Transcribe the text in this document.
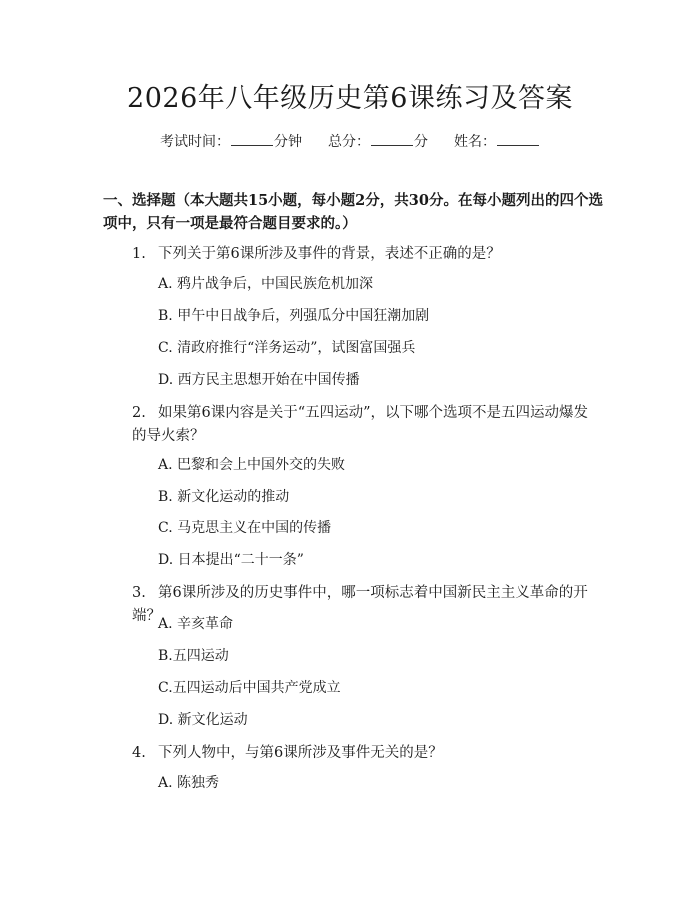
2026年八年级历史第6课练习及答案
考试时间：	分钟 总分：	分 姓名：
一、选择题（本大题共15小题，每小题2分，共30分。在每小题列出的四个选项中，只有一项是最符合题目要求的。）
1. 下列关于第6课所涉及事件的背景，表述不正确的是？
A. 鸦片战争后，中国民族危机加深
B. 甲午中日战争后，列强瓜分中国狂潮加剧
C. 清政府推行“洋务运动”，试图富国强兵
D. 西方民主思想开始在中国传播
2. 如果第6课内容是关于“五四运动”，以下哪个选项不是五四运动爆发的导火索？
A. 巴黎和会上中国外交的失败
B. 新文化运动的推动
C. 马克思主义在中国的传播
D. 日本提出“二十一条”
3. 第6课所涉及的历史事件中，哪一项标志着中国新民主主义革命的开端？
A. 辛亥革命
B.五四运动
C.五四运动后中国共产党成立
D. 新文化运动
4. 下列人物中，与第6课所涉及事件无关的是？
A. 陈独秀
